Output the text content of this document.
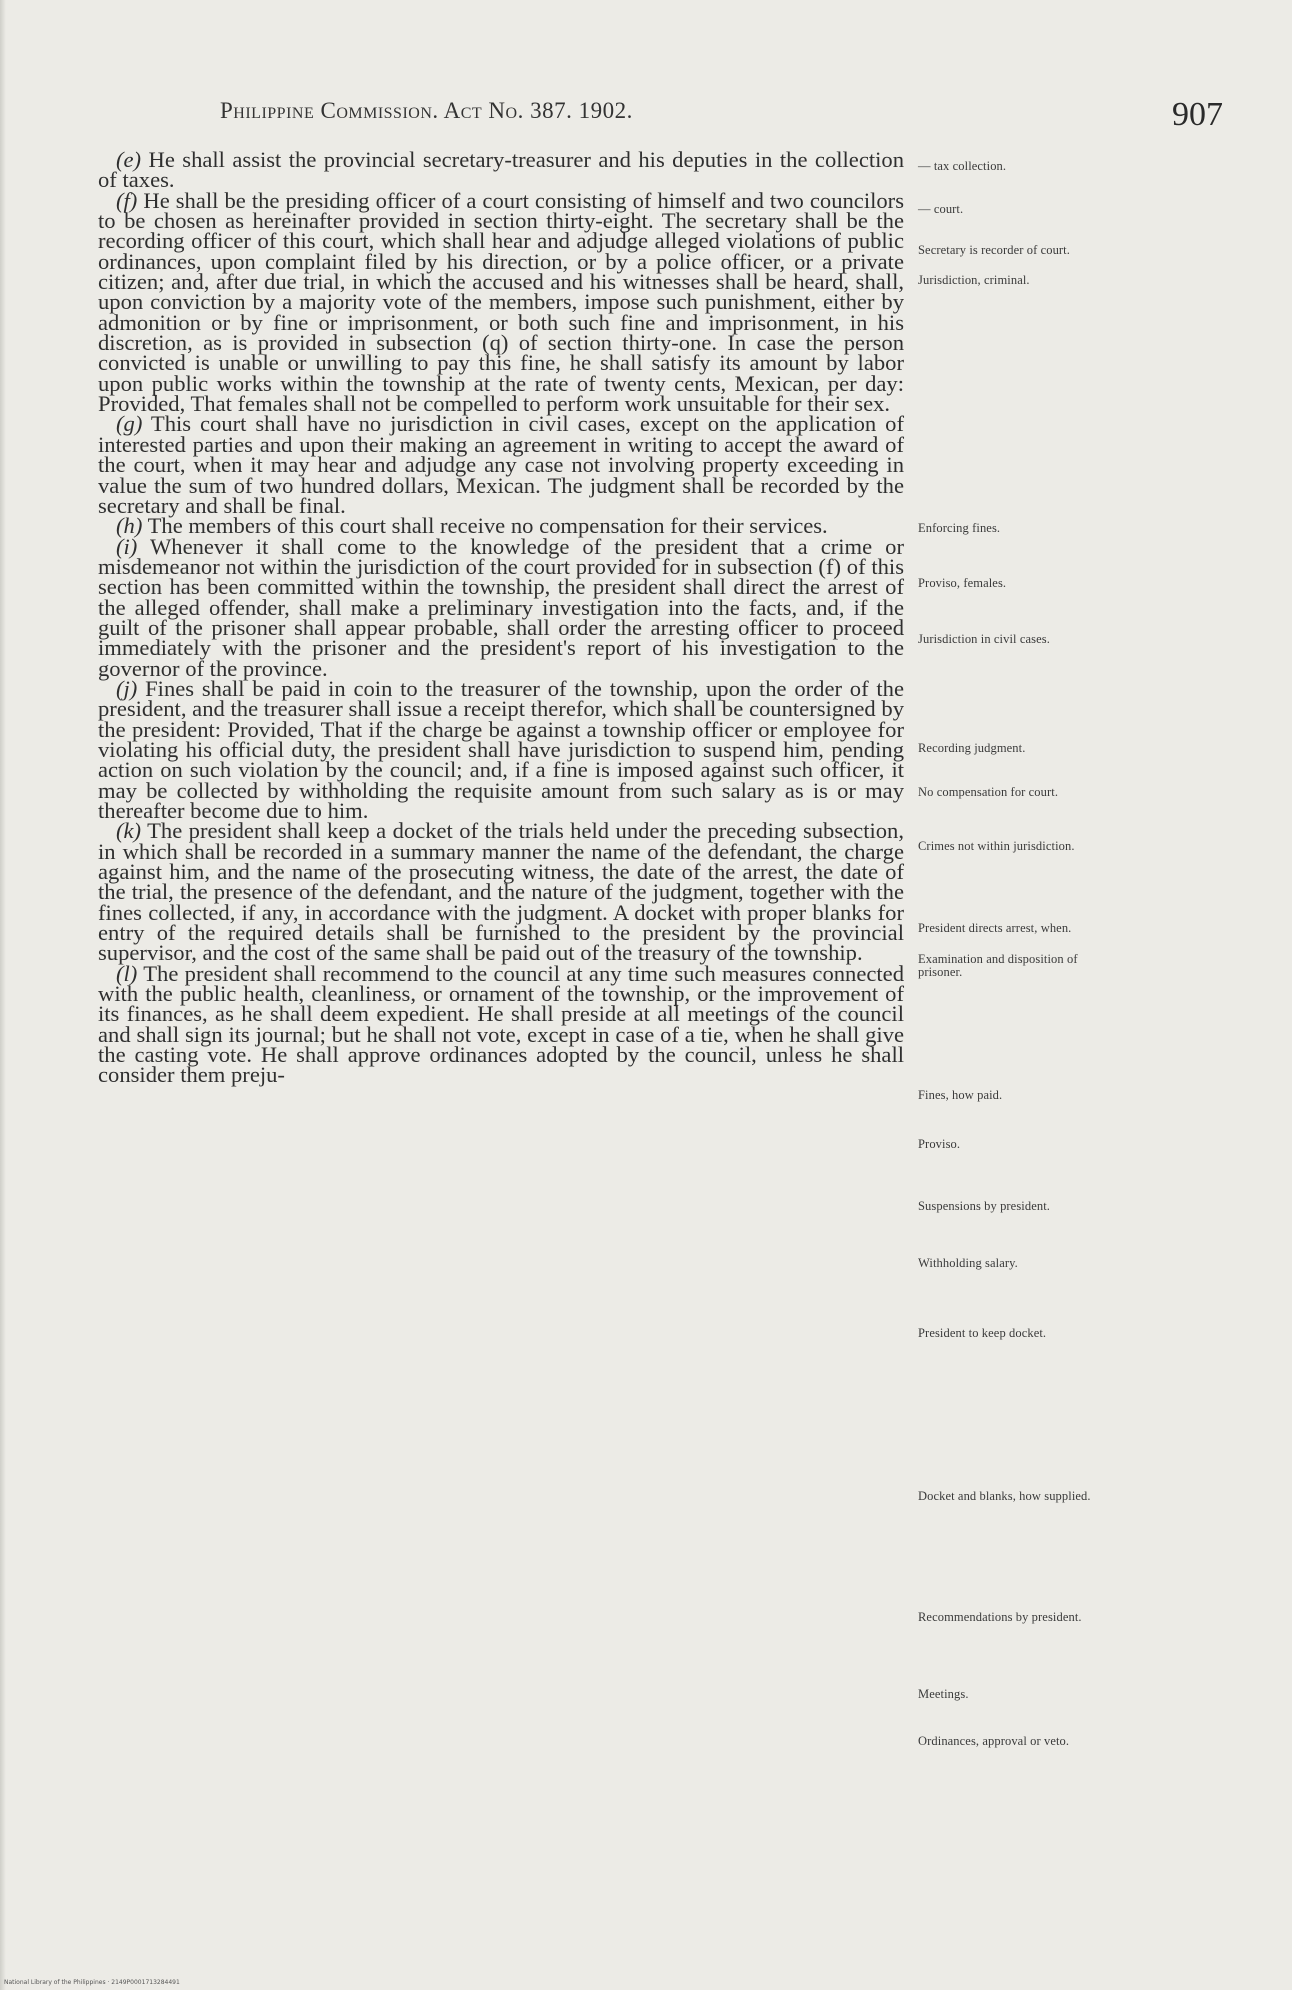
Philippine Commission. Act No. 387. 1902.	907

(e) He shall assist the provincial secretary-treasurer and his deputies in the collection of taxes.

(f) He shall be the presiding officer of a court consisting of himself and two councilors to be chosen as hereinafter provided in section thirty-eight. The secretary shall be the recording officer of this court, which shall hear and adjudge alleged violations of public ordinances, upon complaint filed by his direction, or by a police officer, or a private citizen; and, after due trial, in which the accused and his witnesses shall be heard, shall, upon conviction by a majority vote of the members, impose such punishment, either by admonition or by fine or imprisonment, or both such fine and imprisonment, in his discretion, as is provided in subsection (q) of section thirty-one. In case the person convicted is unable or unwilling to pay this fine, he shall satisfy its amount by labor upon public works within the township at the rate of twenty cents, Mexican, per day: Provided, That females shall not be compelled to perform work unsuitable for their sex.

(g) This court shall have no jurisdiction in civil cases, except on the application of interested parties and upon their making an agreement in writing to accept the award of the court, when it may hear and adjudge any case not involving property exceeding in value the sum of two hundred dollars, Mexican. The judgment shall be recorded by the secretary and shall be final.

(h) The members of this court shall receive no compensation for their services.

(i) Whenever it shall come to the knowledge of the president that a crime or misdemeanor not within the jurisdiction of the court provided for in subsection (f) of this section has been committed within the township, the president shall direct the arrest of the alleged offender, shall make a preliminary investigation into the facts, and, if the guilt of the prisoner shall appear probable, shall order the arresting officer to proceed immediately with the prisoner and the president's report of his investigation to the governor of the province.

(j) Fines shall be paid in coin to the treasurer of the township, upon the order of the president, and the treasurer shall issue a receipt therefor, which shall be countersigned by the president: Provided, That if the charge be against a township officer or employee for violating his official duty, the president shall have jurisdiction to suspend him, pending action on such violation by the council; and, if a fine is imposed against such officer, it may be collected by withholding the requisite amount from such salary as is or may thereafter become due to him.

(k) The president shall keep a docket of the trials held under the preceding subsection, in which shall be recorded in a summary manner the name of the defendant, the charge against him, and the name of the prosecuting witness, the date of the arrest, the date of the trial, the presence of the defendant, and the nature of the judgment, together with the fines collected, if any, in accordance with the judgment. A docket with proper blanks for entry of the required details shall be furnished to the president by the provincial supervisor, and the cost of the same shall be paid out of the treasury of the township.

(l) The president shall recommend to the council at any time such measures connected with the public health, cleanliness, or ornament of the township, or the improvement of its finances, as he shall deem expedient. He shall preside at all meetings of the council and shall sign its journal; but he shall not vote, except in case of a tie, when he shall give the casting vote. He shall approve ordinances adopted by the council, unless he shall consider them preju-

— tax collection.
— court.
Secretary is recorder of court.
Jurisdiction, criminal.
Enforcing fines.
Proviso, females.
Jurisdiction in civil cases.
Recording judgment.
No compensation for court.
Crimes not within jurisdiction.
President directs arrest, when.
Examination and disposition of prisoner.
Fines, how paid.
Proviso.
Suspensions by president.
Withholding salary.
President to keep docket.
Docket and blanks, how supplied.
Recommendations by president.
Meetings.
Ordinances, approval or veto.
National Library of the Philippines · 2149P0001713284491
